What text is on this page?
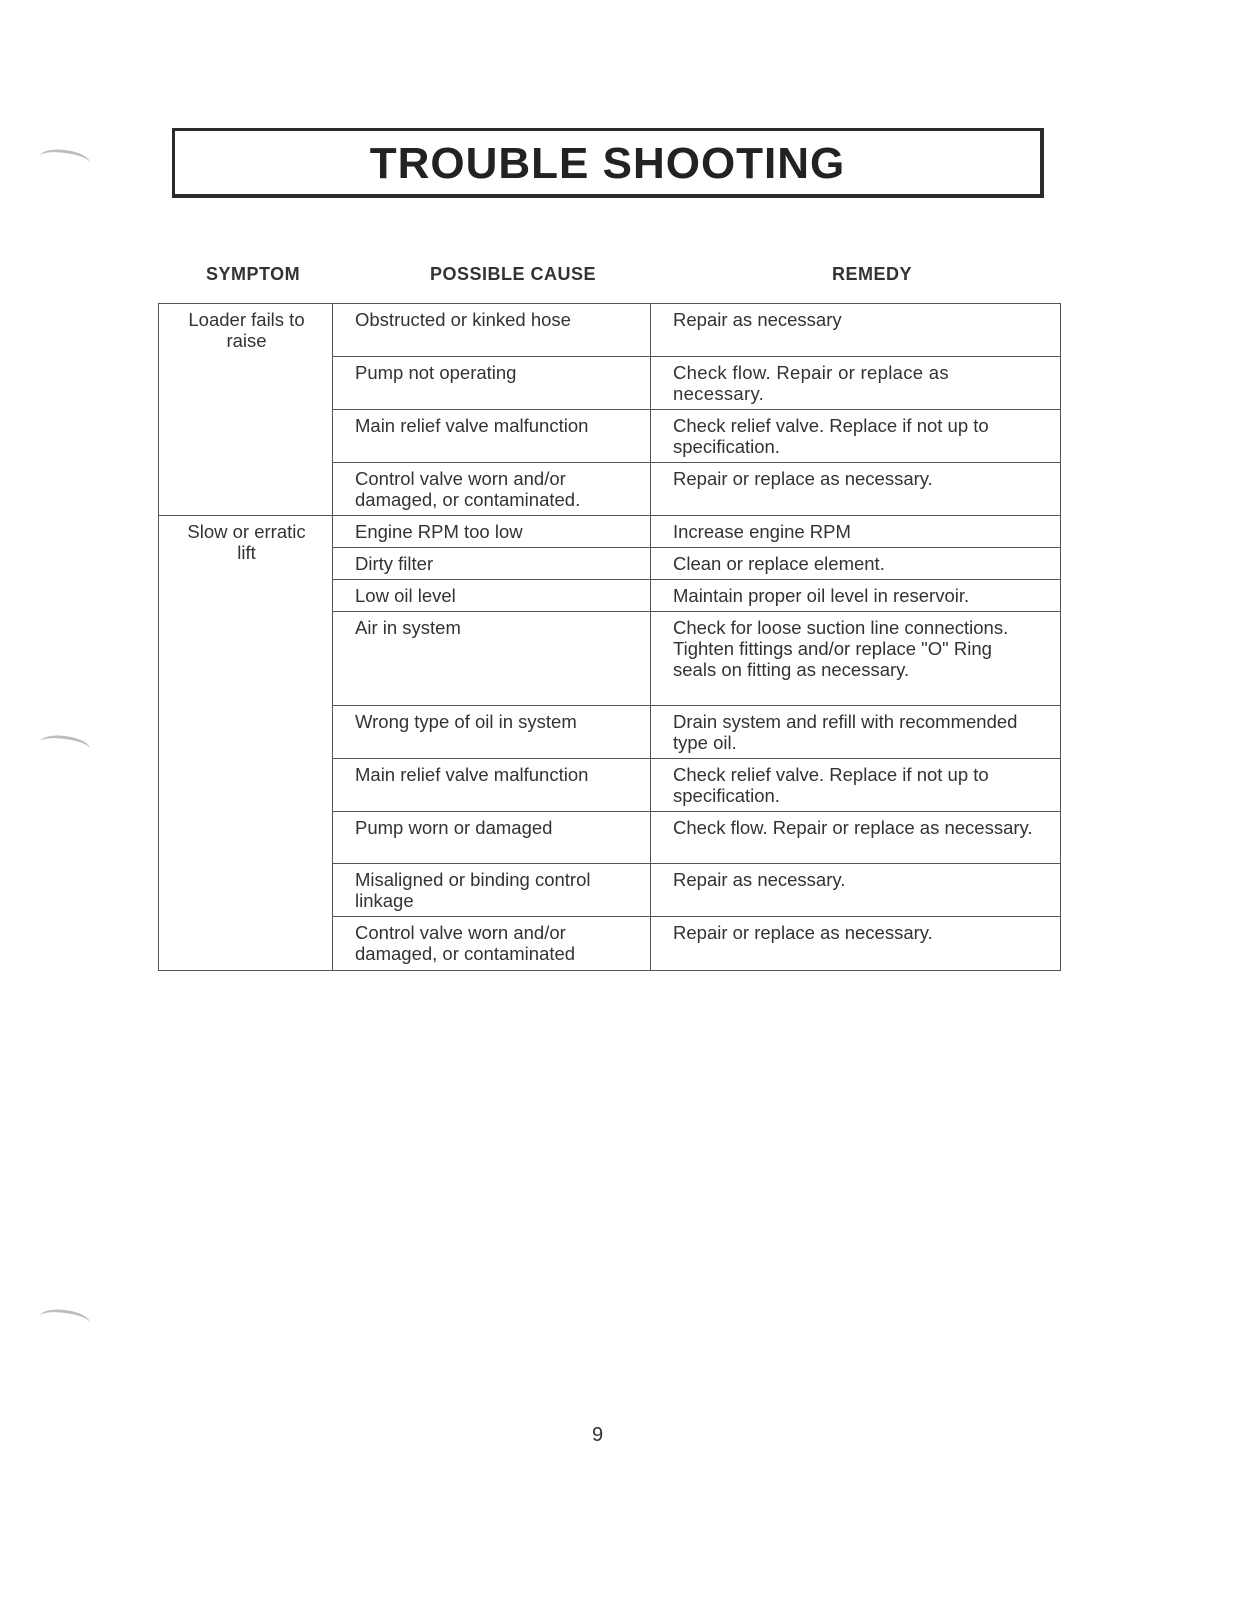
TROUBLE SHOOTING
SYMPTOM	POSSIBLE CAUSE	REMEDY
Loader fails to raise	Obstructed or kinked hose	Repair as necessary
	Pump not operating	Check flow. Repair or replace as necessary.
	Main relief valve malfunction	Check relief valve. Replace if not up to specification.
	Control valve worn and/or damaged, or contaminated.	Repair or replace as necessary.
Slow or erratic lift	Engine RPM too low	Increase engine RPM
	Dirty filter	Clean or replace element.
	Low oil level	Maintain proper oil level in reservoir.
	Air in system	Check for loose suction line connections. Tighten fittings and/or replace "O" Ring seals on fitting as necessary.
	Wrong type of oil in system	Drain system and refill with recommended type oil.
	Main relief valve malfunction	Check relief valve. Replace if not up to specification.
	Pump worn or damaged	Check flow. Repair or replace as necessary.
	Misaligned or binding control linkage	Repair as necessary.
	Control valve worn and/or damaged, or contaminated	Repair or replace as necessary.
9
